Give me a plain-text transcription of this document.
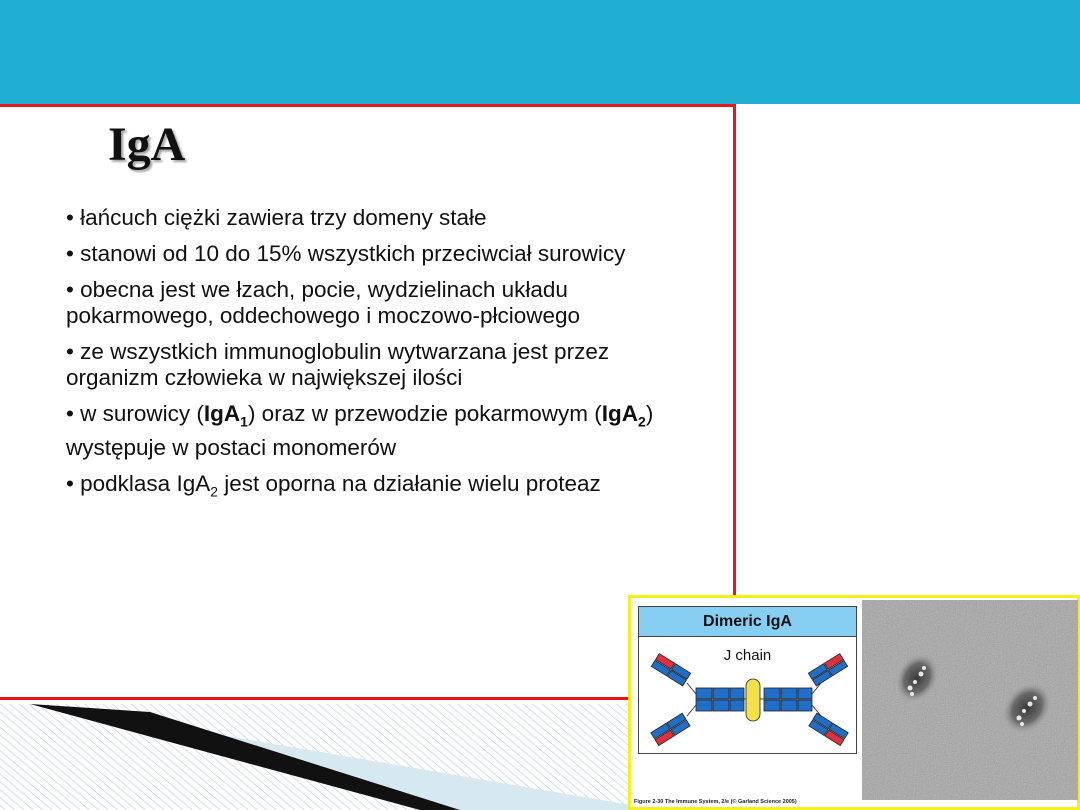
IgA
• łańcuch ciężki zawiera trzy domeny stałe
• stanowi od 10 do 15% wszystkich przeciwciał surowicy
• obecna jest we łzach, pocie, wydzielinach układu pokarmowego, oddechowego i moczowo-płciowego
• ze wszystkich immunoglobulin wytwarzana jest przez organizm człowieka w największej ilości
• w surowicy (IgA$_1$) oraz w przewodzie pokarmowym (IgA$_2$) występuje w postaci monomerów
• podklasa IgA$_2$ jest oporna na działanie wielu proteaz
Dimeric IgA
J chain
Figure 2-30 The Immune System, 2/e (© Garland Science 2005)
